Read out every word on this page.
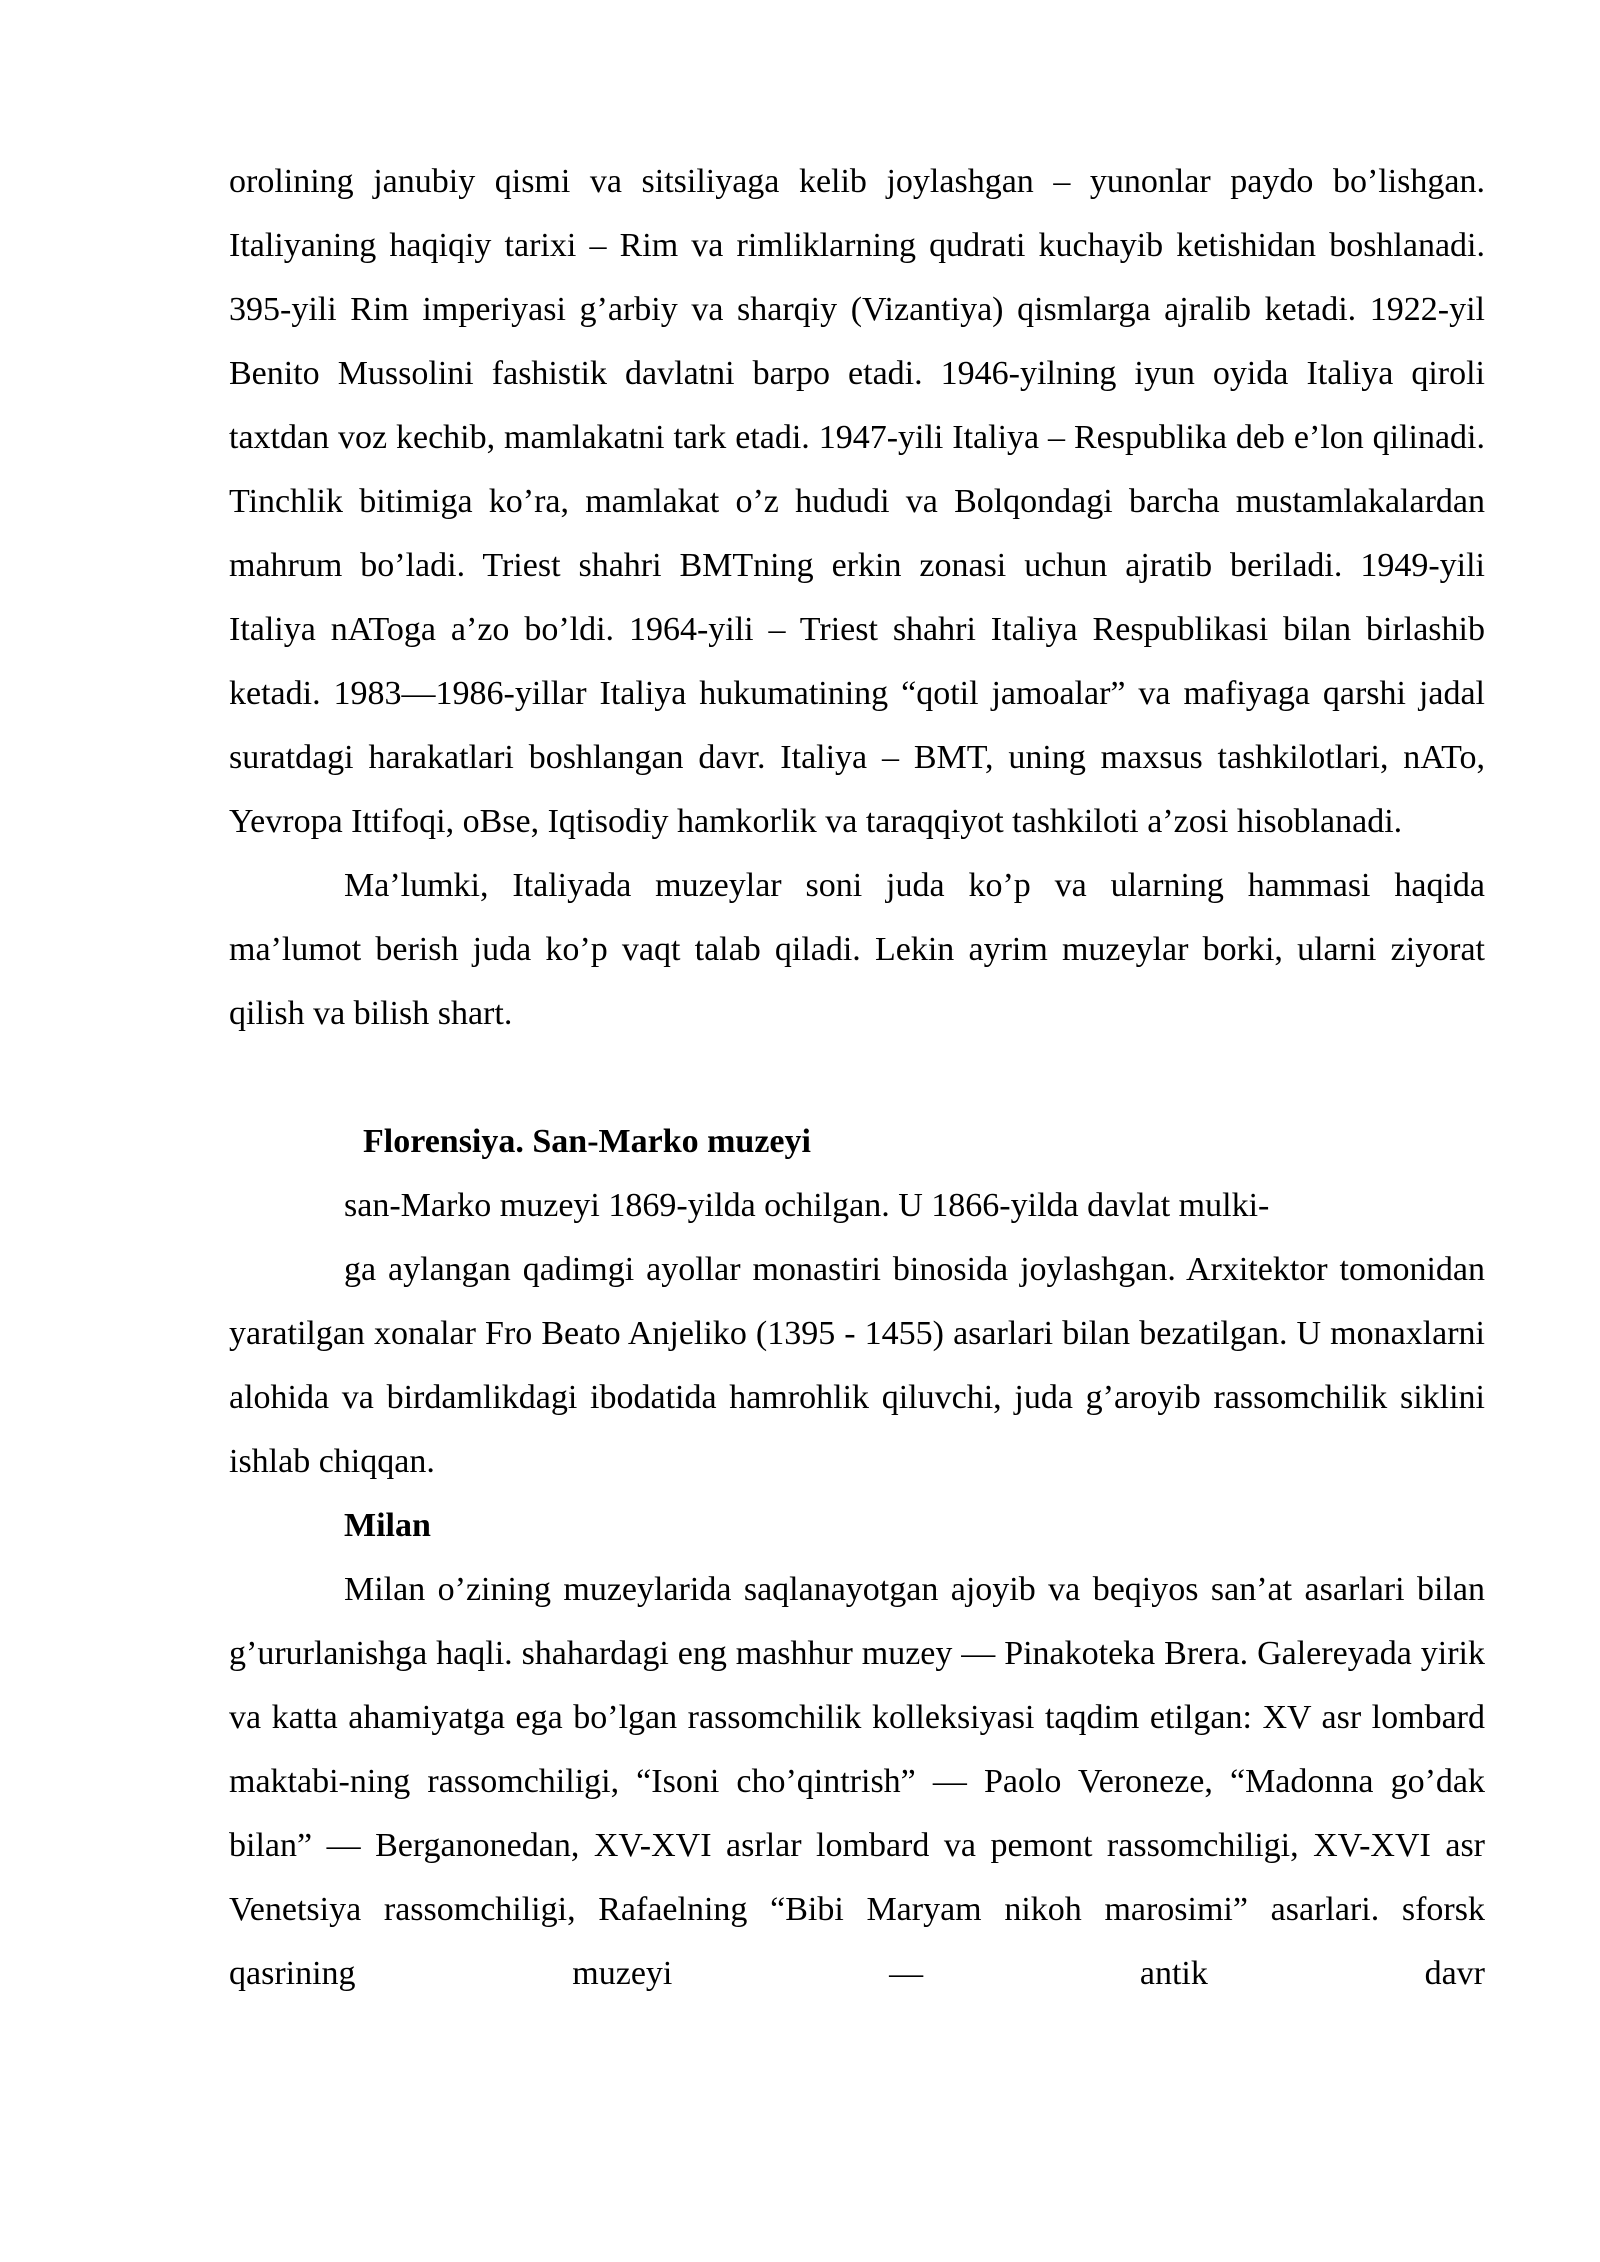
orolining janubiy qismi va sitsiliyaga kelib joylashgan – yunonlar paydo bo’lishgan. Italiyaning haqiqiy tarixi – Rim va rimliklarning qudrati kuchayib ketishidan boshlanadi. 395-yili Rim imperiyasi g’arbiy va sharqiy (Vizantiya) qismlarga ajralib ketadi. 1922-yil Benito Mussolini fashistik davlatni barpo etadi. 1946-yilning iyun oyida Italiya qiroli taxtdan voz kechib, mamlakatni tark etadi. 1947-yili Italiya – Respublika deb e’lon qilinadi. Tinchlik bitimiga ko’ra, mamlakat o’z hududi va Bolqondagi barcha mustamlakalardan mahrum bo’ladi. Triest shahri BMTning erkin zonasi uchun ajratib beriladi. 1949-yili Italiya nAToga a’zo bo’ldi. 1964-yili – Triest shahri Italiya Respublikasi bilan birlashib ketadi. 1983—1986-yillar Italiya hukumatining “qotil jamoalar” va mafiyaga qarshi jadal suratdagi harakatlari boshlangan davr. Italiya – BMT, uning maxsus tashkilotlari, nATo, Yevropa Ittifoqi, oBse, Iqtisodiy hamkorlik va taraqqiyot tashkiloti a’zosi hisoblanadi.

Ma’lumki, Italiyada muzeylar soni juda ko’p va ularning hammasi haqida ma’lumot berish juda ko’p vaqt talab qiladi. Lekin ayrim muzeylar borki, ularni ziyorat qilish va bilish shart.

Florensiya. San-Marko muzeyi

san-Marko muzeyi 1869-yilda ochilgan. U 1866-yilda davlat mulki-

ga aylangan qadimgi ayollar monastiri binosida joylashgan. Arxitektor tomonidan yaratilgan xonalar Fro Beato Anjeliko (1395 - 1455) asarlari bilan bezatilgan. U monaxlarni alohida va birdamlikdagi ibodatida hamrohlik qiluvchi, juda g’aroyib rassomchilik siklini ishlab chiqqan.

Milan

Milan o’zining muzeylarida saqlanayotgan ajoyib va beqiyos san’at asarlari bilan g’ururlanishga haqli. shahardagi eng mashhur muzey — Pinakoteka Brera. Galereyada yirik va katta ahamiyatga ega bo’lgan rassomchilik kolleksiyasi taqdim etilgan: XV asr lombard maktabi-ning rassomchiligi, “Isoni cho’qintrish” — Paolo Veroneze, “Madonna go’dak bilan” — Berganonedan, XV-XVI asrlar lombard va pemont rassomchiligi, XV-XVI asr Venetsiya rassomchiligi, Rafaelning “Bibi Maryam nikoh marosimi” asarlari. sforsk qasrining muzeyi — antik davr
